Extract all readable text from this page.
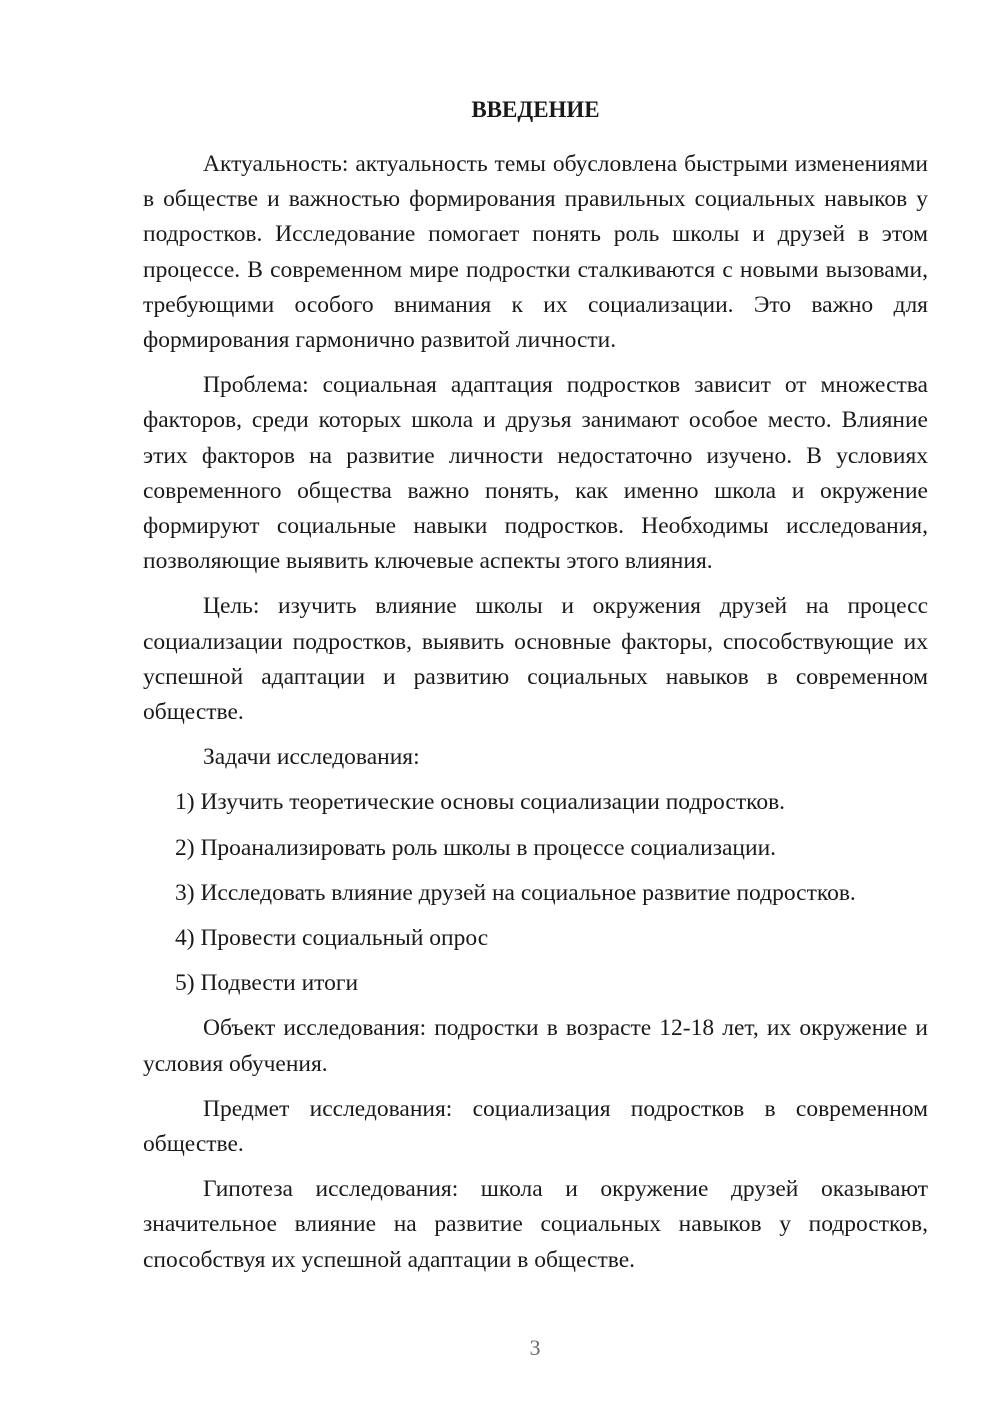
ВВЕДЕНИЕ

Актуальность: актуальность темы обусловлена быстрыми изменениями в обществе и важностью формирования правильных социальных навыков у подростков. Исследование помогает понять роль школы и друзей в этом процессе. В современном мире подростки сталкиваются с новыми вызовами, требующими особого внимания к их социализации. Это важно для формирования гармонично развитой личности.

Проблема: социальная адаптация подростков зависит от множества факторов, среди которых школа и друзья занимают особое место. Влияние этих факторов на развитие личности недостаточно изучено. В условиях современного общества важно понять, как именно школа и окружение формируют социальные навыки подростков. Необходимы исследования, позволяющие выявить ключевые аспекты этого влияния.

Цель: изучить влияние школы и окружения друзей на процесс социализации подростков, выявить основные факторы, способствующие их успешной адаптации и развитию социальных навыков в современном обществе.

Задачи исследования:
1) Изучить теоретические основы социализации подростков.
2) Проанализировать роль школы в процессе социализации.
3) Исследовать влияние друзей на социальное развитие подростков.
4) Провести социальный опрос
5) Подвести итоги

Объект исследования: подростки в возрасте 12-18 лет, их окружение и условия обучения.

Предмет исследования: социализация подростков в современном обществе.

Гипотеза исследования: школа и окружение друзей оказывают значительное влияние на развитие социальных навыков у подростков, способствуя их успешной адаптации в обществе.

3
